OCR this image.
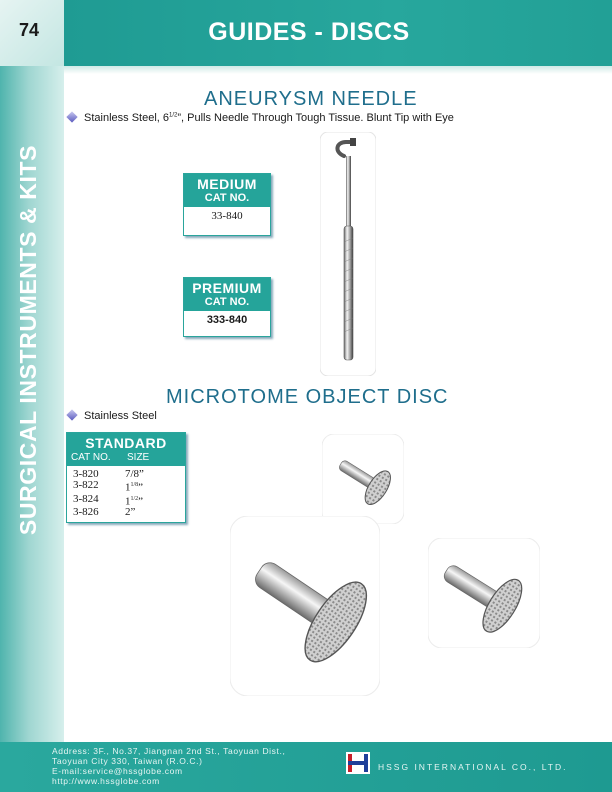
74	GUIDES - DISCS
SURGICAL INSTRUMENTS & KITS
ANEURYSM NEEDLE
Stainless Steel, $6^{1/2}$”, Pulls Needle Through Tough Tissue. Blunt Tip with Eye
MEDIUM
CAT NO.
33-840
PREMIUM
CAT NO.
333-840
MICROTOME OBJECT DISC
Stainless Steel
STANDARD
CAT NO.	SIZE
3-820	7/8”
3-822	$1^{1/8}$”
3-824	$1^{1/2}$”
3-826	2”
Address: 3F., No.37, Jiangnan 2nd St., Taoyuan Dist.,
Taoyuan City 330, Taiwan (R.O.C.)
E-mail:service@hssglobe.com
http://www.hssglobe.com
HSSG INTERNATIONAL CO., LTD.
